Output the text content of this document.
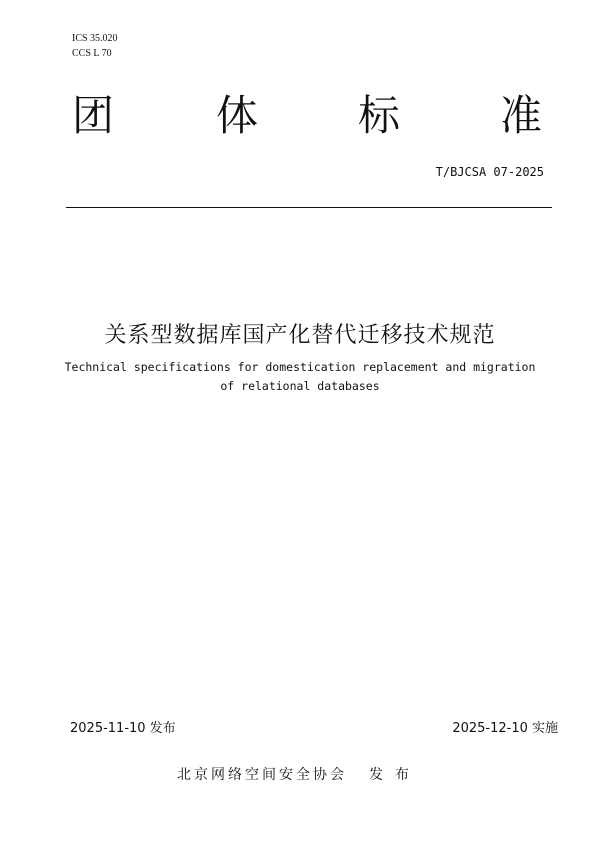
ICS 35.020
CCS L 70
团 体 标 准
T/BJCSA 07-2025
关系型数据库国产化替代迁移技术规范
Technical specifications for domestication replacement and migration
of relational databases
2025-11-10 发布	2025-12-10 实施
北京网络空间安全协会 发布
